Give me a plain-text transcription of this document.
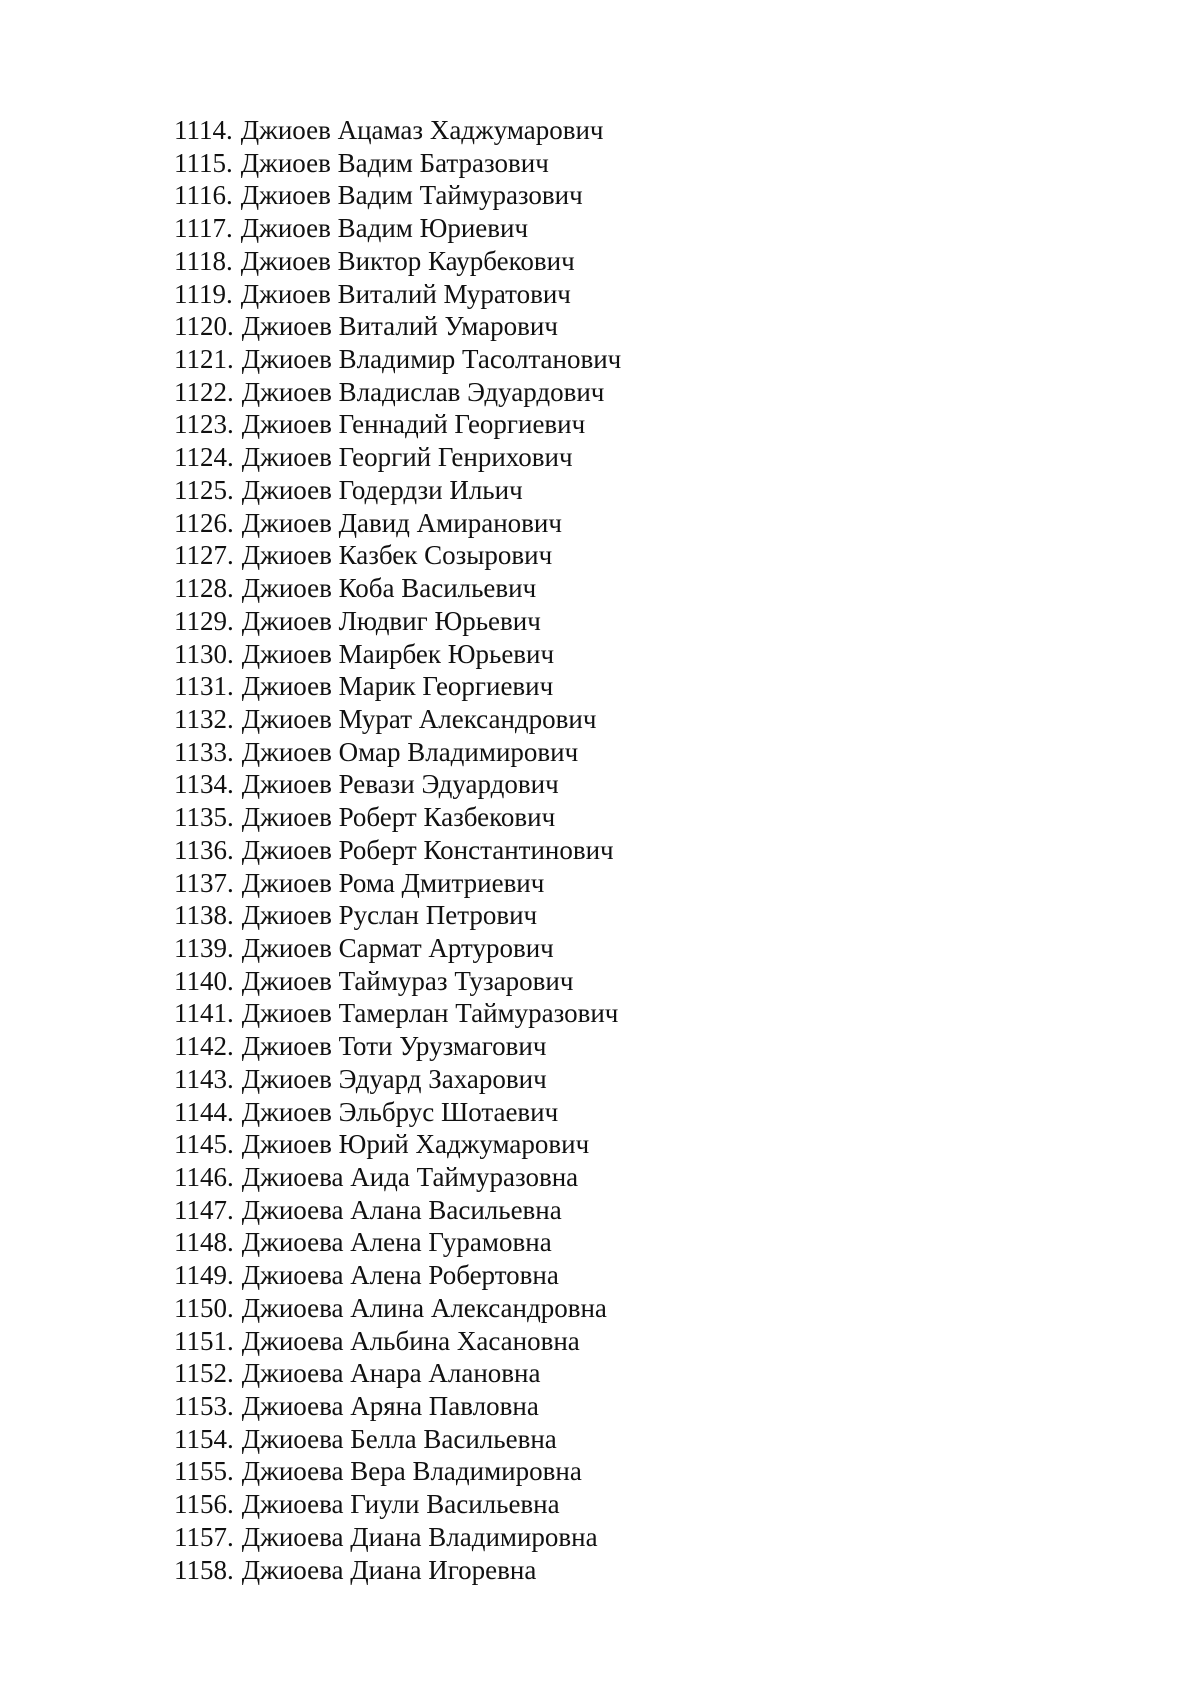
1114. Джиоев Ацамаз Хаджумарович
1115. Джиоев Вадим Батразович
1116. Джиоев Вадим Таймуразович
1117. Джиоев Вадим Юриевич
1118. Джиоев Виктор Каурбекович
1119. Джиоев Виталий Муратович
1120. Джиоев Виталий Умарович
1121. Джиоев Владимир Тасолтанович
1122. Джиоев Владислав Эдуардович
1123. Джиоев Геннадий Георгиевич
1124. Джиоев Георгий Генрихович
1125. Джиоев Годердзи Ильич
1126. Джиоев Давид Амиранович
1127. Джиоев Казбек Созырович
1128. Джиоев Коба Васильевич
1129. Джиоев Людвиг Юрьевич
1130. Джиоев Маирбек Юрьевич
1131. Джиоев Марик Георгиевич
1132. Джиоев Мурат Александрович
1133. Джиоев Омар Владимирович
1134. Джиоев Ревази Эдуардович
1135. Джиоев Роберт Казбекович
1136. Джиоев Роберт Константинович
1137. Джиоев Рома Дмитриевич
1138. Джиоев Руслан Петрович
1139. Джиоев Сармат Артурович
1140. Джиоев Таймураз Тузарович
1141. Джиоев Тамерлан Таймуразович
1142. Джиоев Тоти Урузмагович
1143. Джиоев Эдуард Захарович
1144. Джиоев Эльбрус Шотаевич
1145. Джиоев Юрий Хаджумарович
1146. Джиоева Аида Таймуразовна
1147. Джиоева Алана Васильевна
1148. Джиоева Алена Гурамовна
1149. Джиоева Алена Робертовна
1150. Джиоева Алина Александровна
1151. Джиоева Альбина Хасановна
1152. Джиоева Анара Алановна
1153. Джиоева Аряна Павловна
1154. Джиоева Белла Васильевна
1155. Джиоева Вера Владимировна
1156. Джиоева Гиули Васильевна
1157. Джиоева Диана Владимировна
1158. Джиоева Диана Игоревна
